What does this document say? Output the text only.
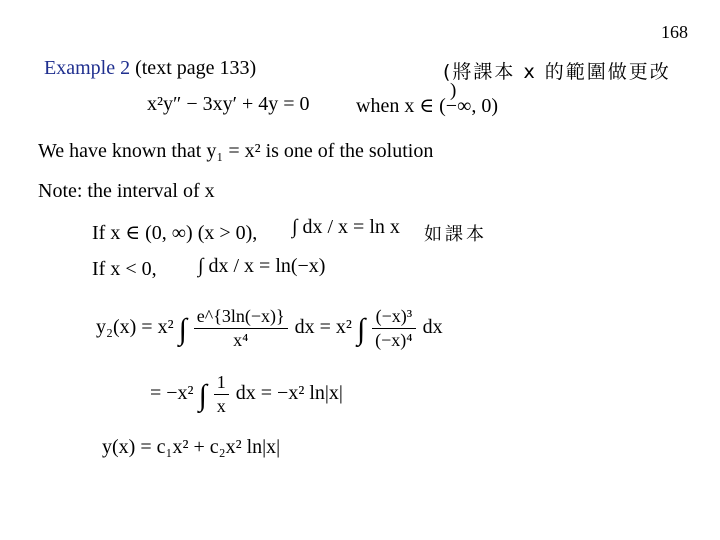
168
Example 2 (text page 133)	(將課本 x 的範圍做更改
)
when x ∈ (−∞, 0)
x²y″ − 3xy′ + 4y = 0
We have known that y₁ = x² is one of the solution
Note: the interval of x
If x ∈ (0, ∞) (x > 0), ∫ dx / x = ln x 如課本
If x < 0, ∫ dx / x = ln(−x)
y₂(x) = x² ∫ $\frac{e\^{}\{3\ln(-x)\}}{\text{x⁴}}$ dx = x² ∫ $\frac{\text{(−x)³}}{\text{(−x)⁴}}$ dx
= −x² ∫ $\frac{1}{x}$ dx = −x² ln|x|
y(x) = c₁x² + c₂x² ln|x|
